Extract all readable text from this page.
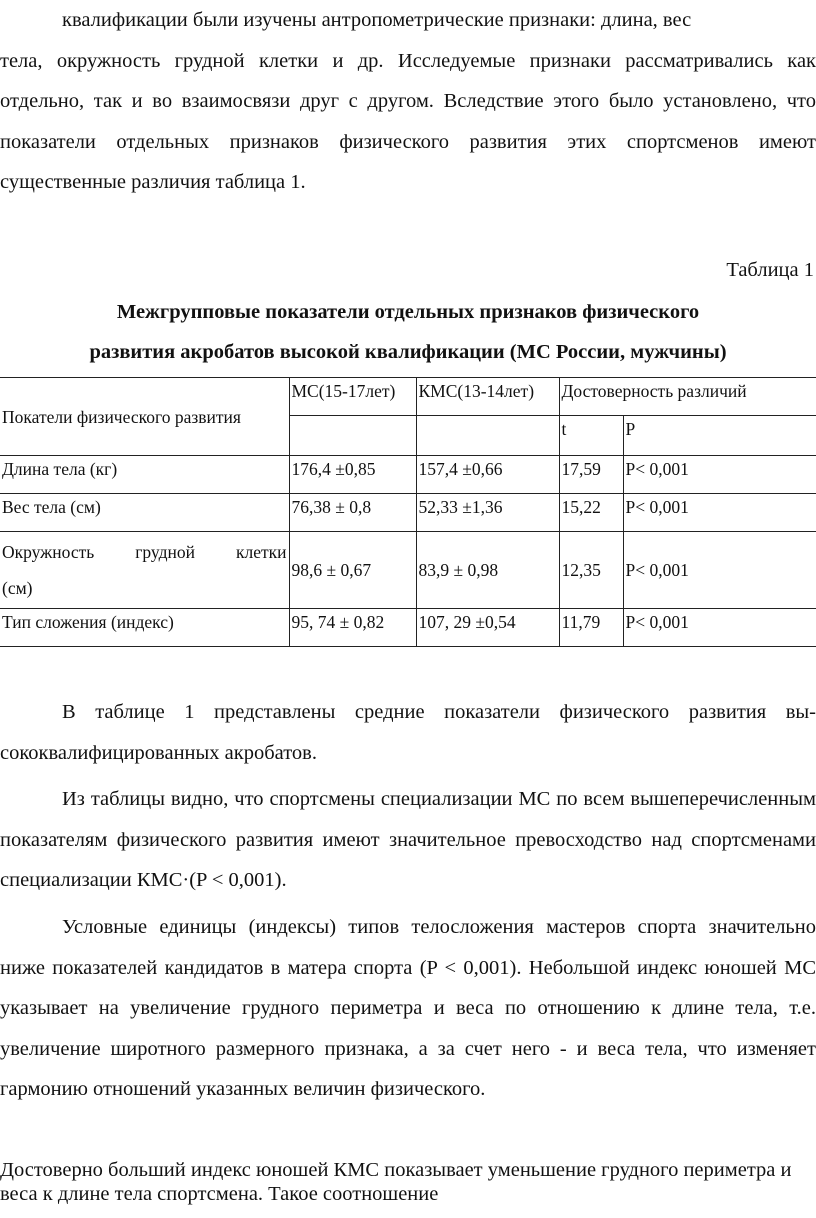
квалификации были изучены антропометрические признаки: длина, вес
тела, окружность грудной клетки и др. Исследуемые признаки рассматривались как отдельно, так и во взаимосвязи друг с другом. Вследствие этого было установлено, что показатели отдельных признаков физического развития этих спортсменов имеют существенные различия таблица 1.

Таблица 1

Межгрупповые показатели отдельных признаков физического
развития акробатов высокой квалификации (МС России, мужчины)
Покатели физического развития	МС(15-17лет)	КМС(13-14лет)	Достоверность различий	
			t	P
Длина тела (кг)	176,4 ±0,85	157,4 ±0,66	17,59	P< 0,001
Вес тела (см)	76,38 ± 0,8	52,33 ±1,36	15,22	P< 0,001

Окружность грудной клетки
(см)	98,6 ± 0,67	83,9 ± 0,98	12,35	P< 0,001
Тип сложения (индекс)	95, 74 ± 0,82	107, 29 ±0,54	11,79	P< 0,001

В таблице 1 представлены средние показатели физического развития вы-сококвалифицированных акробатов.

Из таблицы видно, что спортсмены специализации МС по всем вышеперечисленным показателям физического развития имеют значительное превосходство над спортсменами специализации КМС·(P < 0,001).

Условные единицы (индексы) типов телосложения мастеров спорта значительно ниже показателей кандидатов в матера спорта (P < 0,001). Небольшой индекс юношей МС указывает на увеличение грудного периметра и веса по отношению к длине тела, т.е. увеличение широтного размерного признака, а за счет него - и веса тела, что изменяет гармонию отношений указанных величин физического.

Достоверно больший индекс юношей КМС показывает уменьшение грудного периметра и веса к длине тела спортсмена. Такое соотношение
